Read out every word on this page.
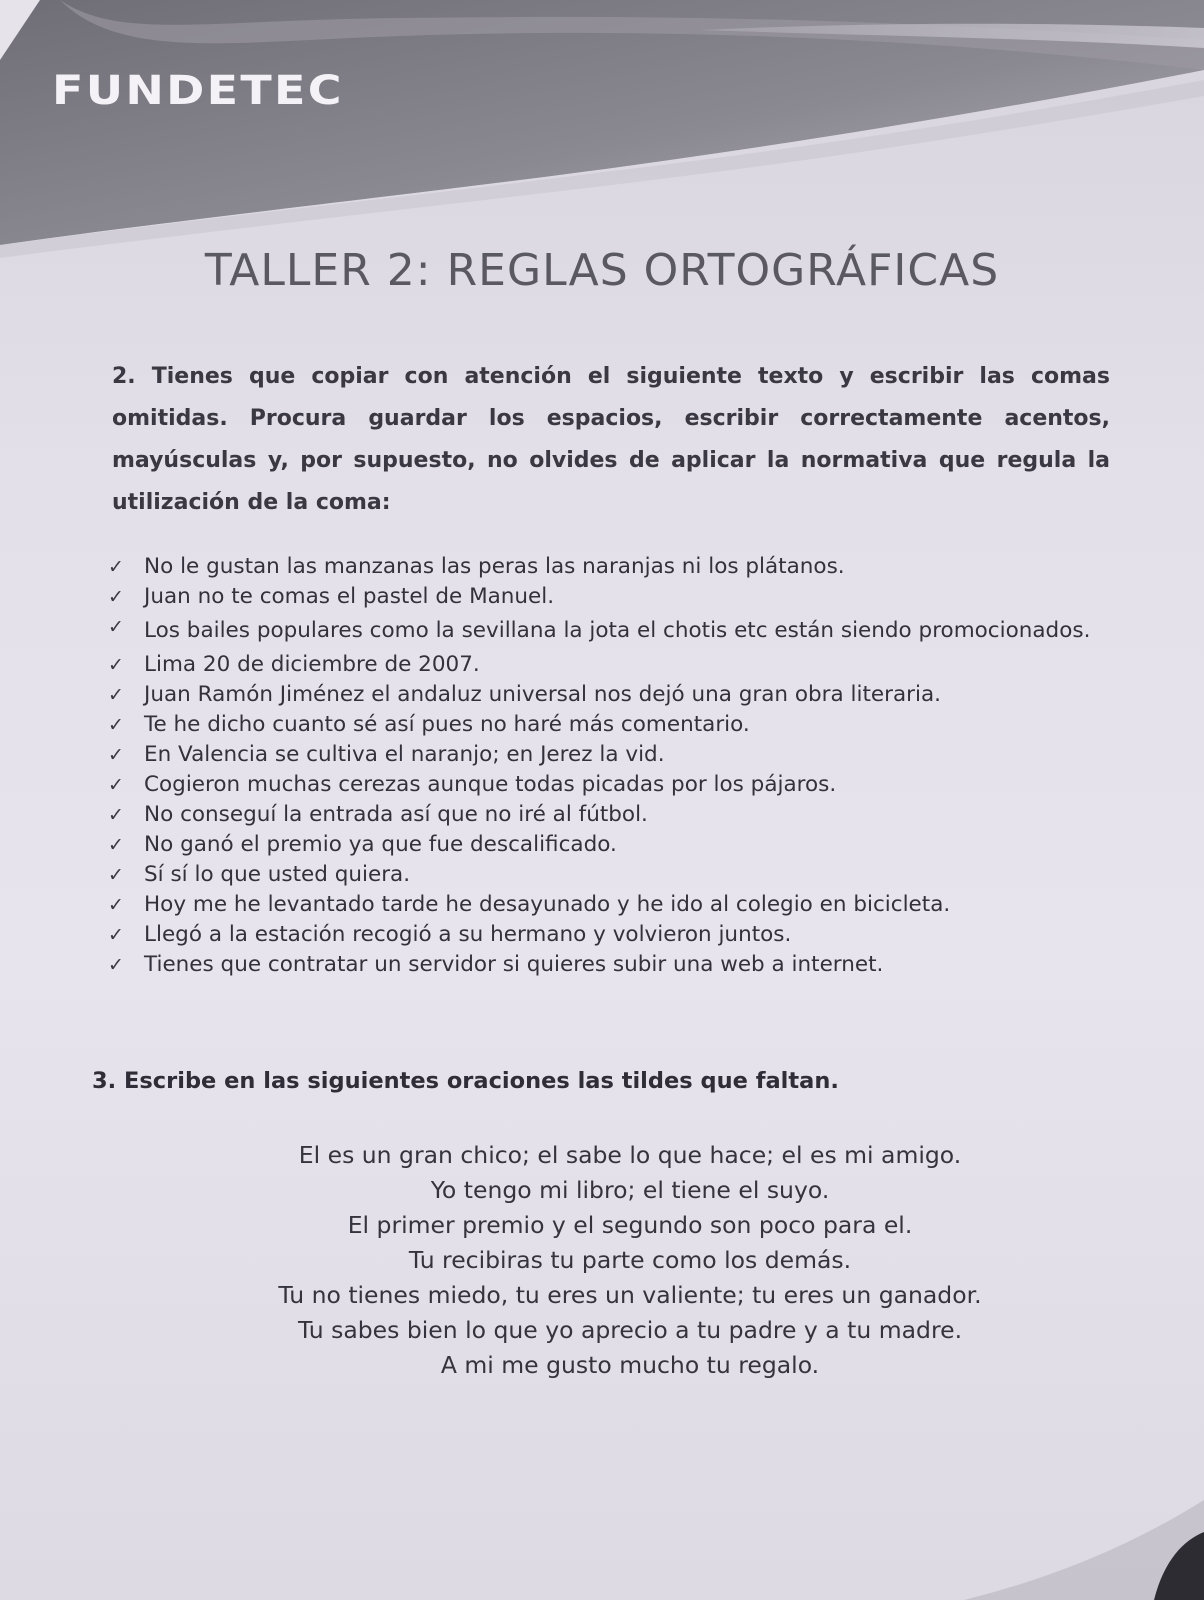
FUNDETEC
TALLER 2: REGLAS ORTOGRÁFICAS
2. Tienes que copiar con atención el siguiente texto y escribir las comas omitidas. Procura guardar los espacios, escribir correctamente acentos, mayúsculas y, por supuesto, no olvides de aplicar la normativa que regula la utilización de la coma:
✓ No le gustan las manzanas las peras las naranjas ni los plátanos.
✓ Juan no te comas el pastel de Manuel.
✓ Los bailes populares como la sevillana la jota el chotis etc están siendo promocionados.
✓ Lima 20 de diciembre de 2007.
✓ Juan Ramón Jiménez el andaluz universal nos dejó una gran obra literaria.
✓ Te he dicho cuanto sé así pues no haré más comentario.
✓ En Valencia se cultiva el naranjo; en Jerez la vid.
✓ Cogieron muchas cerezas aunque todas picadas por los pájaros.
✓ No conseguí la entrada así que no iré al fútbol.
✓ No ganó el premio ya que fue descalificado.
✓ Sí sí lo que usted quiera.
✓ Hoy me he levantado tarde he desayunado y he ido al colegio en bicicleta.
✓ Llegó a la estación recogió a su hermano y volvieron juntos.
✓ Tienes que contratar un servidor si quieres subir una web a internet.
3. Escribe en las siguientes oraciones las tildes que faltan.
El es un gran chico; el sabe lo que hace; el es mi amigo.
Yo tengo mi libro; el tiene el suyo.
El primer premio y el segundo son poco para el.
Tu recibiras tu parte como los demás.
Tu no tienes miedo, tu eres un valiente; tu eres un ganador.
Tu sabes bien lo que yo aprecio a tu padre y a tu madre.
A mi me gusto mucho tu regalo.
